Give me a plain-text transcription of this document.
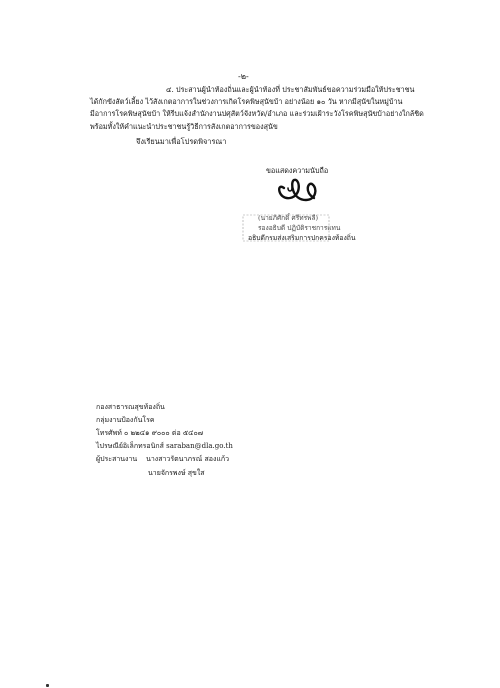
-๒-
๔. ประสานผู้นำท้องถิ่นและผู้นำท้องที่ ประชาสัมพันธ์ขอความร่วมมือให้ประชาชน
ได้กักขังสัตว์เลี้ยง ไว้สังเกตอาการในช่วงการเกิดโรคพิษสุนัขบ้า อย่างน้อย ๑๐ วัน หากมีสุนัขในหมู่บ้าน
มีอาการโรคพิษสุนัขบ้า ให้รีบแจ้งสำนักงานปศุสัตว์จังหวัด/อำเภอ และร่วมเฝ้าระวังโรคพิษสุนัขบ้าอย่างใกล้ชิด
พร้อมทั้งให้คำแนะนำประชาชนรู้วิธีการสังเกตอาการของสุนัข
จึงเรียนมาเพื่อโปรดพิจารณา
ขอแสดงความนับถือ
(นายภิศักดิ์ ศรีทรพลี)
รองอธิบดี ปฏิบัติราชการแทน
อธิบดีกรมส่งเสริมการปกครองท้องถิ่น
กองสาธารณสุขท้องถิ่น
กลุ่มงานป้องกันโรค
โทรศัพท์ ๐ ๒๒๔๑ ๙๐๐๐ ต่อ ๕๔๐๗
ไปรษณีย์อิเล็กทรอนิกส์ saraban@dla.go.th
ผู้ประสานงาน นางสาวรัตนาภรณ์ สองแก้ว
นายจักรพงษ์ สุขใส
